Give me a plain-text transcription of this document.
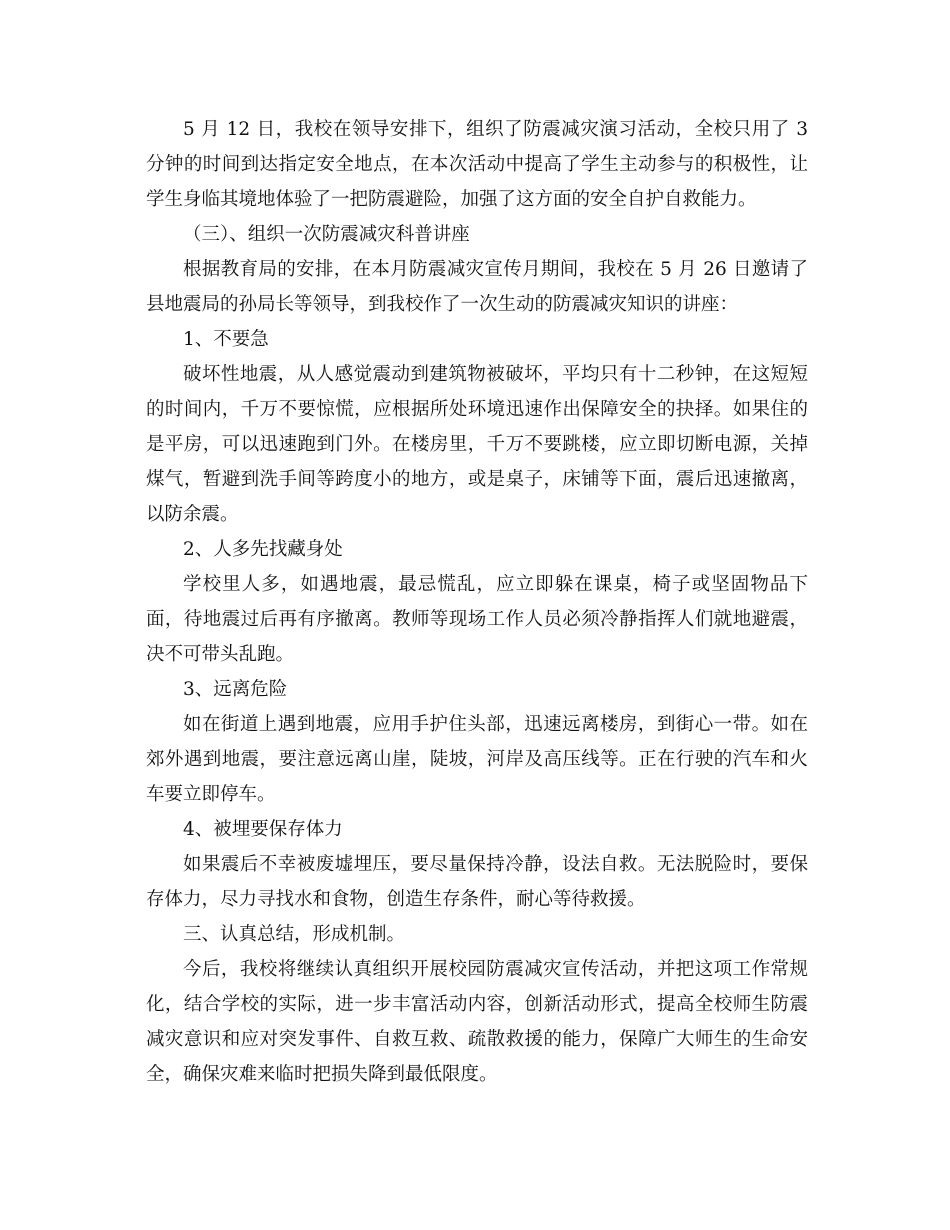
5 月 12 日，我校在领导安排下，组织了防震减灾演习活动，全校只用了 3 分钟的时间到达指定安全地点，在本次活动中提高了学生主动参与的积极性，让学生身临其境地体验了一把防震避险，加强了这方面的安全自护自救能力。

（三）、组织一次防震减灾科普讲座

根据教育局的安排，在本月防震减灾宣传月期间，我校在 5 月 26 日邀请了县地震局的孙局长等领导，到我校作了一次生动的防震减灾知识的讲座：

1、不要急

破坏性地震，从人感觉震动到建筑物被破坏，平均只有十二秒钟，在这短短的时间内，千万不要惊慌，应根据所处环境迅速作出保障安全的抉择。如果住的是平房，可以迅速跑到门外。在楼房里，千万不要跳楼，应立即切断电源，关掉煤气，暂避到洗手间等跨度小的地方，或是桌子，床铺等下面，震后迅速撤离，以防余震。

2、人多先找藏身处

学校里人多，如遇地震，最忌慌乱，应立即躲在课桌，椅子或坚固物品下面，待地震过后再有序撤离。教师等现场工作人员必须冷静指挥人们就地避震，决不可带头乱跑。

3、远离危险

如在街道上遇到地震，应用手护住头部，迅速远离楼房，到街心一带。如在郊外遇到地震，要注意远离山崖，陡坡，河岸及高压线等。正在行驶的汽车和火车要立即停车。

4、被埋要保存体力

如果震后不幸被废墟埋压，要尽量保持冷静，设法自救。无法脱险时，要保存体力，尽力寻找水和食物，创造生存条件，耐心等待救援。

三、认真总结，形成机制。

今后，我校将继续认真组织开展校园防震减灾宣传活动，并把这项工作常规化，结合学校的实际，进一步丰富活动内容，创新活动形式，提高全校师生防震减灾意识和应对突发事件、自救互救、疏散救援的能力，保障广大师生的生命安全，确保灾难来临时把损失降到最低限度。
